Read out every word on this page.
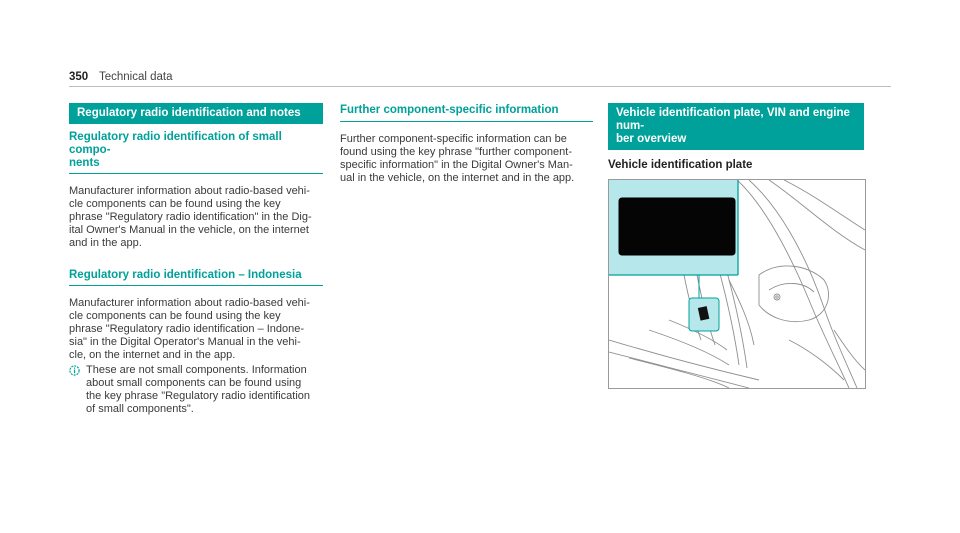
350 Technical data
Regulatory radio identification and notes
Regulatory radio identification of small compo-
nents
Manufacturer information about radio-based vehi-
cle components can be found using the key
phrase "Regulatory radio identification" in the Dig-
ital Owner's Manual in the vehicle, on the internet
and in the app.
Regulatory radio identification – Indonesia
Manufacturer information about radio-based vehi-
cle components can be found using the key
phrase "Regulatory radio identification – Indone-
sia" in the Digital Operator's Manual in the vehi-
cle, on the internet and in the app.
These are not small components. Information
about small components can be found using
the key phrase "Regulatory radio identification
of small components".
Further component-specific information
Further component-specific information can be
found using the key phrase "further component-
specific information" in the Digital Owner's Man-
ual in the vehicle, on the internet and in the app.
Vehicle identification plate, VIN and engine num-
ber overview
Vehicle identification plate
